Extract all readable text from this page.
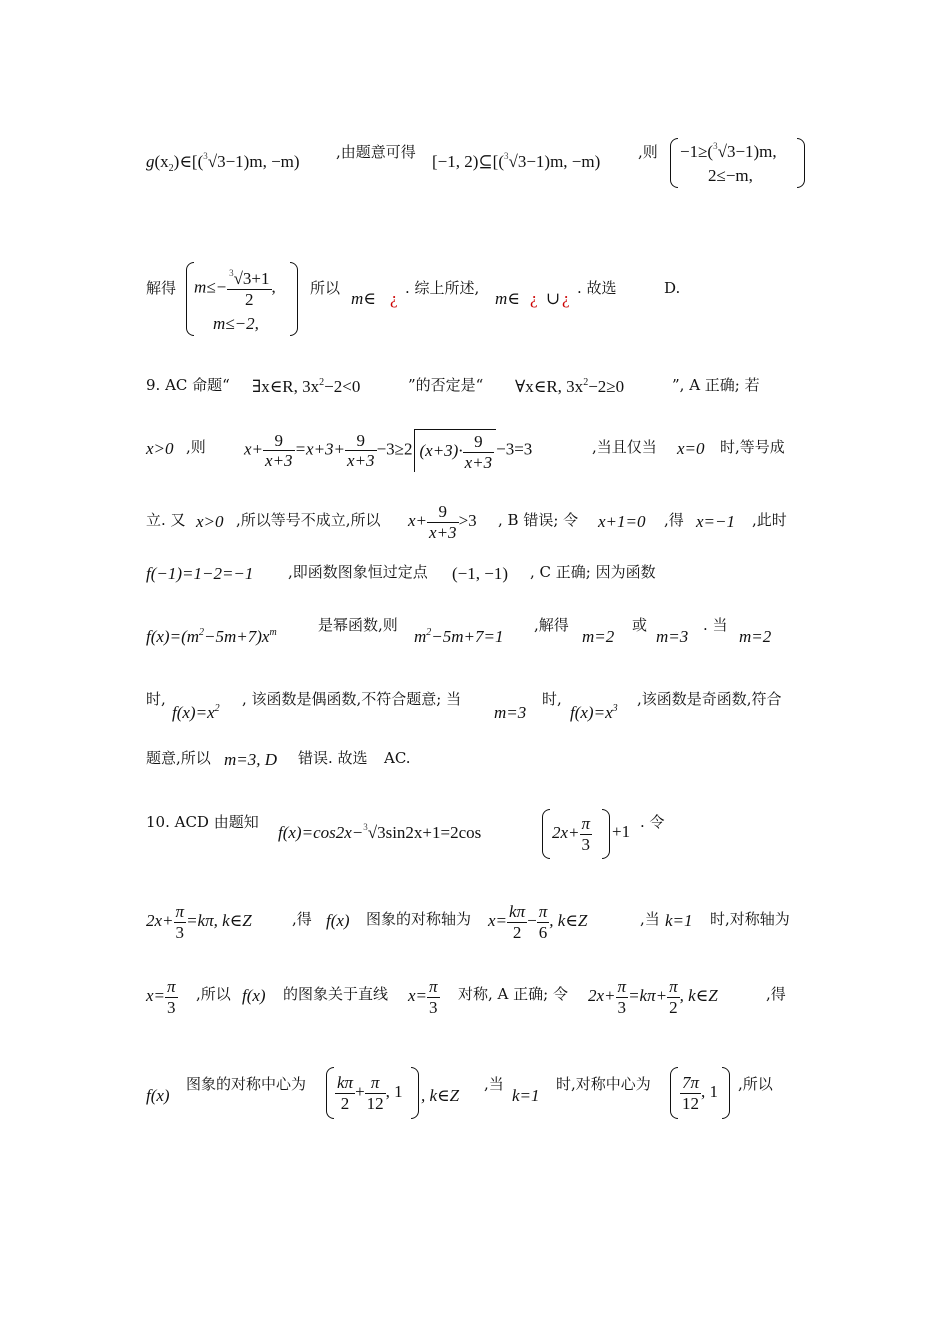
$g(x_2)\in[(^3√3-1)m$, −m) ,由题意可得 [−1, 2)⊆[($^3$√3−1)m, −m)	,则 −1≥($^3$√3−1)m,
2≤−m,
解得 $m\le- \frac{^3√3+1}{2}$ ,
m≤−2,
所以
m∈ ¿
. 综上所述,
m∈ ¿ ∪ ¿
. 故选	D.
9. AC 命题“ ∃x∈R, $3x^2-2<0$	”的否定是“ ∀x∈R, $3x^2-2\ge 0$	”, A 正确; 若
x>0 ,则 $x+ \frac{9}{x+3} =x+3+ \frac{9}{x+3} -3\ge 2$ $(x+3)\cdot \frac{9}{x+3} -3=3$	,当且仅当 x=0 时,等号成
立. 又 x>0 ,所以等号不成立,所以 $x+ \frac{9}{x+3} >3$ , B 错误; 令 x+1=0 ,得 x=−1 ,此时
f(−1)=1−2=−1 ,即函数图象恒过定点 (−1, −1) , C 正确; 因为函数
$f(x)=(m^2-5m+7)x^m$	是幂函数,则
$m^2-5m+7=1$
,解得
m=2
或
m=3
. 当
m=2
时,
$f(x)=x^2$
, 该函数是偶函数,不符合题意; 当
m=3
时,
$f(x)=x^3$
,该函数是奇函数,符合
题意,所以 m=3, D 错误. 故选 AC.
10. ACD 由题知
f(x)=cos2x−$^3$√3sin2x+1=2cos	$2x+ \frac{\pi}{3} +1$ . 令
$2x+ \frac{\pi}{3} =k\pi$, k∈Z	,得 f(x) 图象的对称轴为 $x= \frac{k\pi}{2} - \frac{\pi}{6}$ , k∈Z	,当 k=1 时,对称轴为
$x= \frac{\pi}{3}$ ,所以 f(x) 的图象关于直线 $x= \frac{\pi}{3}$ 对称, A 正确; 令 $2x+ \frac{\pi}{3} =k\pi+ \frac{\pi}{2}$ , k∈Z	,得
f(x)
图象的对称中心为 $\frac{k\pi}{2} + \frac{\pi}{12}$ , 1 , k∈Z
,当
k=1
时,对称中心为 $\frac{7\pi}{12}$ , 1 ,所以
